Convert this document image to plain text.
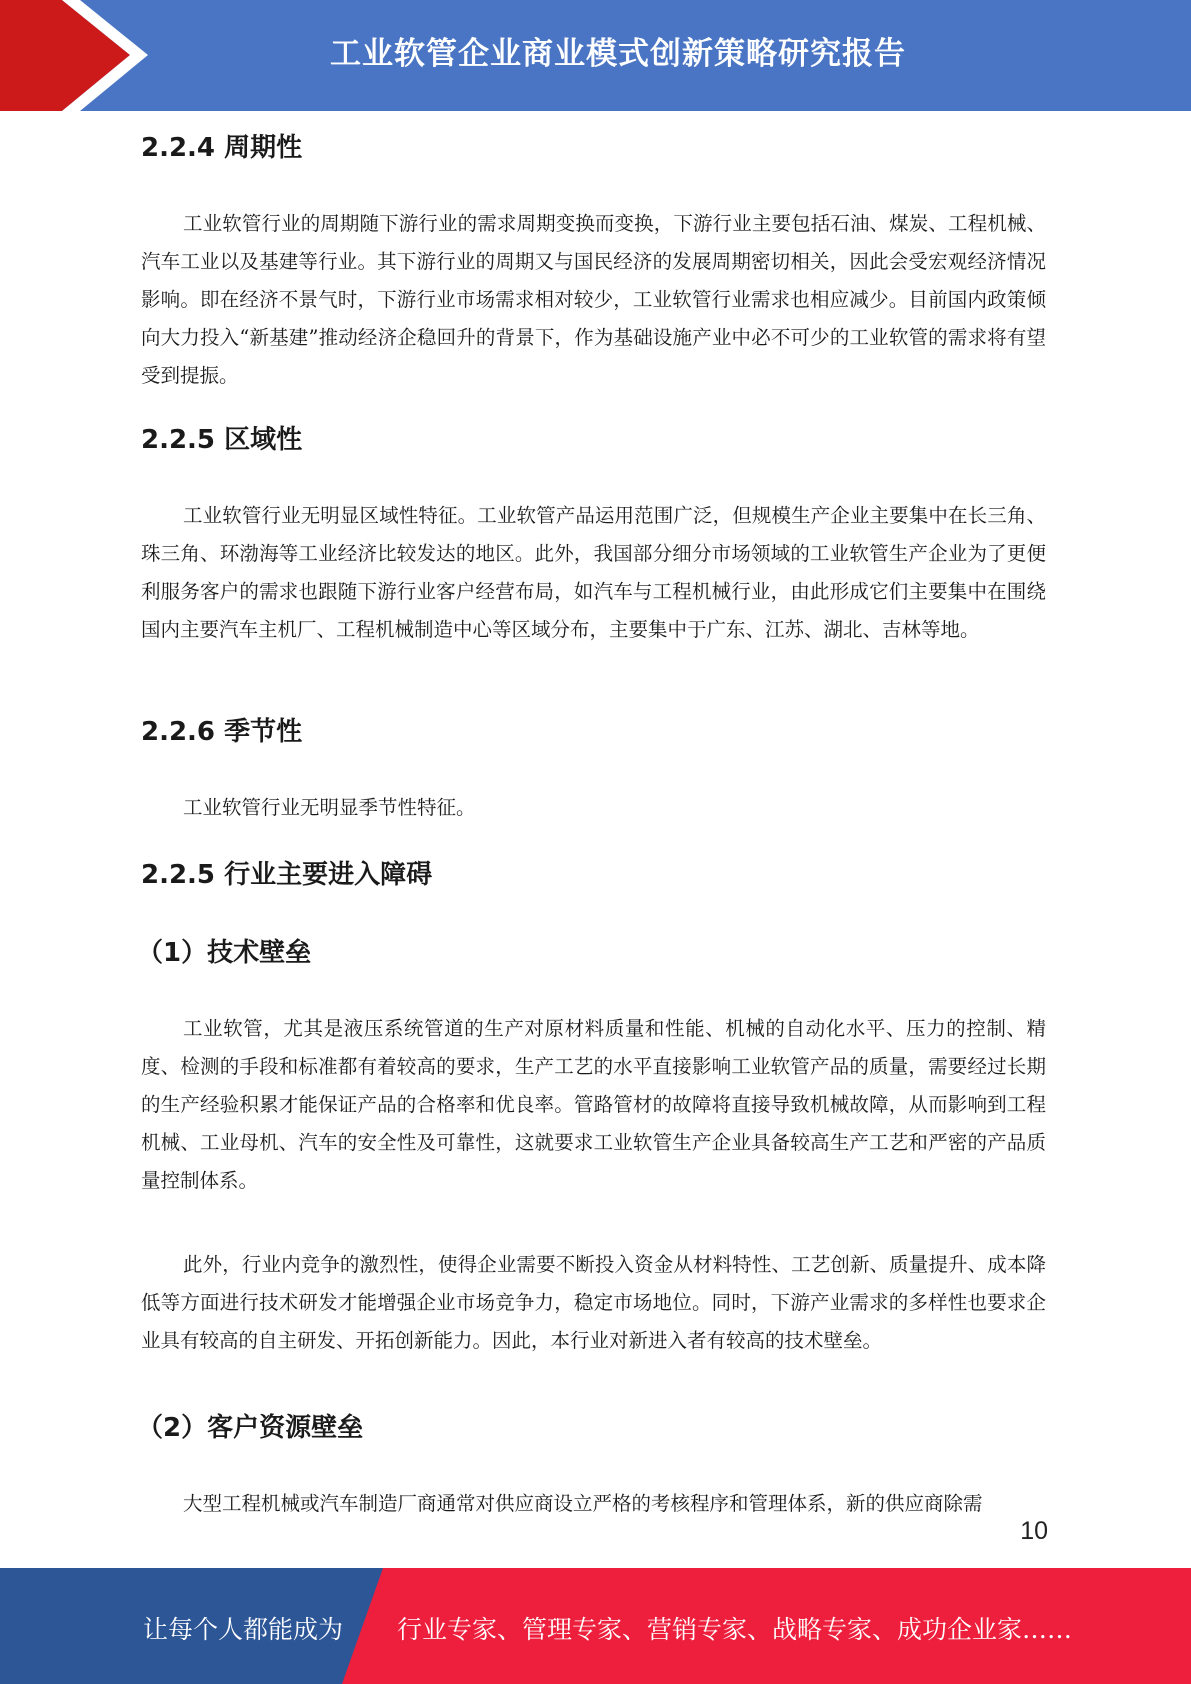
工业软管企业商业模式创新策略研究报告
2.2.4 周期性

工业软管行业的周期随下游行业的需求周期变换而变换，下游行业主要包括石油、煤炭、工程机械、汽车工业以及基建等行业。其下游行业的周期又与国民经济的发展周期密切相关，因此会受宏观经济情况影响。即在经济不景气时，下游行业市场需求相对较少，工业软管行业需求也相应减少。目前国内政策倾向大力投入“新基建”推动经济企稳回升的背景下，作为基础设施产业中必不可少的工业软管的需求将有望受到提振。

2.2.5 区域性

工业软管行业无明显区域性特征。工业软管产品运用范围广泛，但规模生产企业主要集中在长三角、珠三角、环渤海等工业经济比较发达的地区。此外，我国部分细分市场领域的工业软管生产企业为了更便利服务客户的需求也跟随下游行业客户经营布局，如汽车与工程机械行业，由此形成它们主要集中在围绕国内主要汽车主机厂、工程机械制造中心等区域分布，主要集中于广东、江苏、湖北、吉林等地。

2.2.6 季节性

工业软管行业无明显季节性特征。

2.2.5 行业主要进入障碍
（1）技术壁垒

工业软管，尤其是液压系统管道的生产对原材料质量和性能、机械的自动化水平、压力的控制、精度、检测的手段和标准都有着较高的要求，生产工艺的水平直接影响工业软管产品的质量，需要经过长期的生产经验积累才能保证产品的合格率和优良率。管路管材的故障将直接导致机械故障，从而影响到工程机械、工业母机、汽车的安全性及可靠性，这就要求工业软管生产企业具备较高生产工艺和严密的产品质量控制体系。

此外，行业内竞争的激烈性，使得企业需要不断投入资金从材料特性、工艺创新、质量提升、成本降低等方面进行技术研发才能增强企业市场竞争力，稳定市场地位。同时，下游产业需求的多样性也要求企业具有较高的自主研发、开拓创新能力。因此，本行业对新进入者有较高的技术壁垒。

（2）客户资源壁垒

大型工程机械或汽车制造厂商通常对供应商设立严格的考核程序和管理体系，新的供应商除需

10
让每个人都能成为 行业专家、管理专家、营销专家、战略专家、成功企业家……
